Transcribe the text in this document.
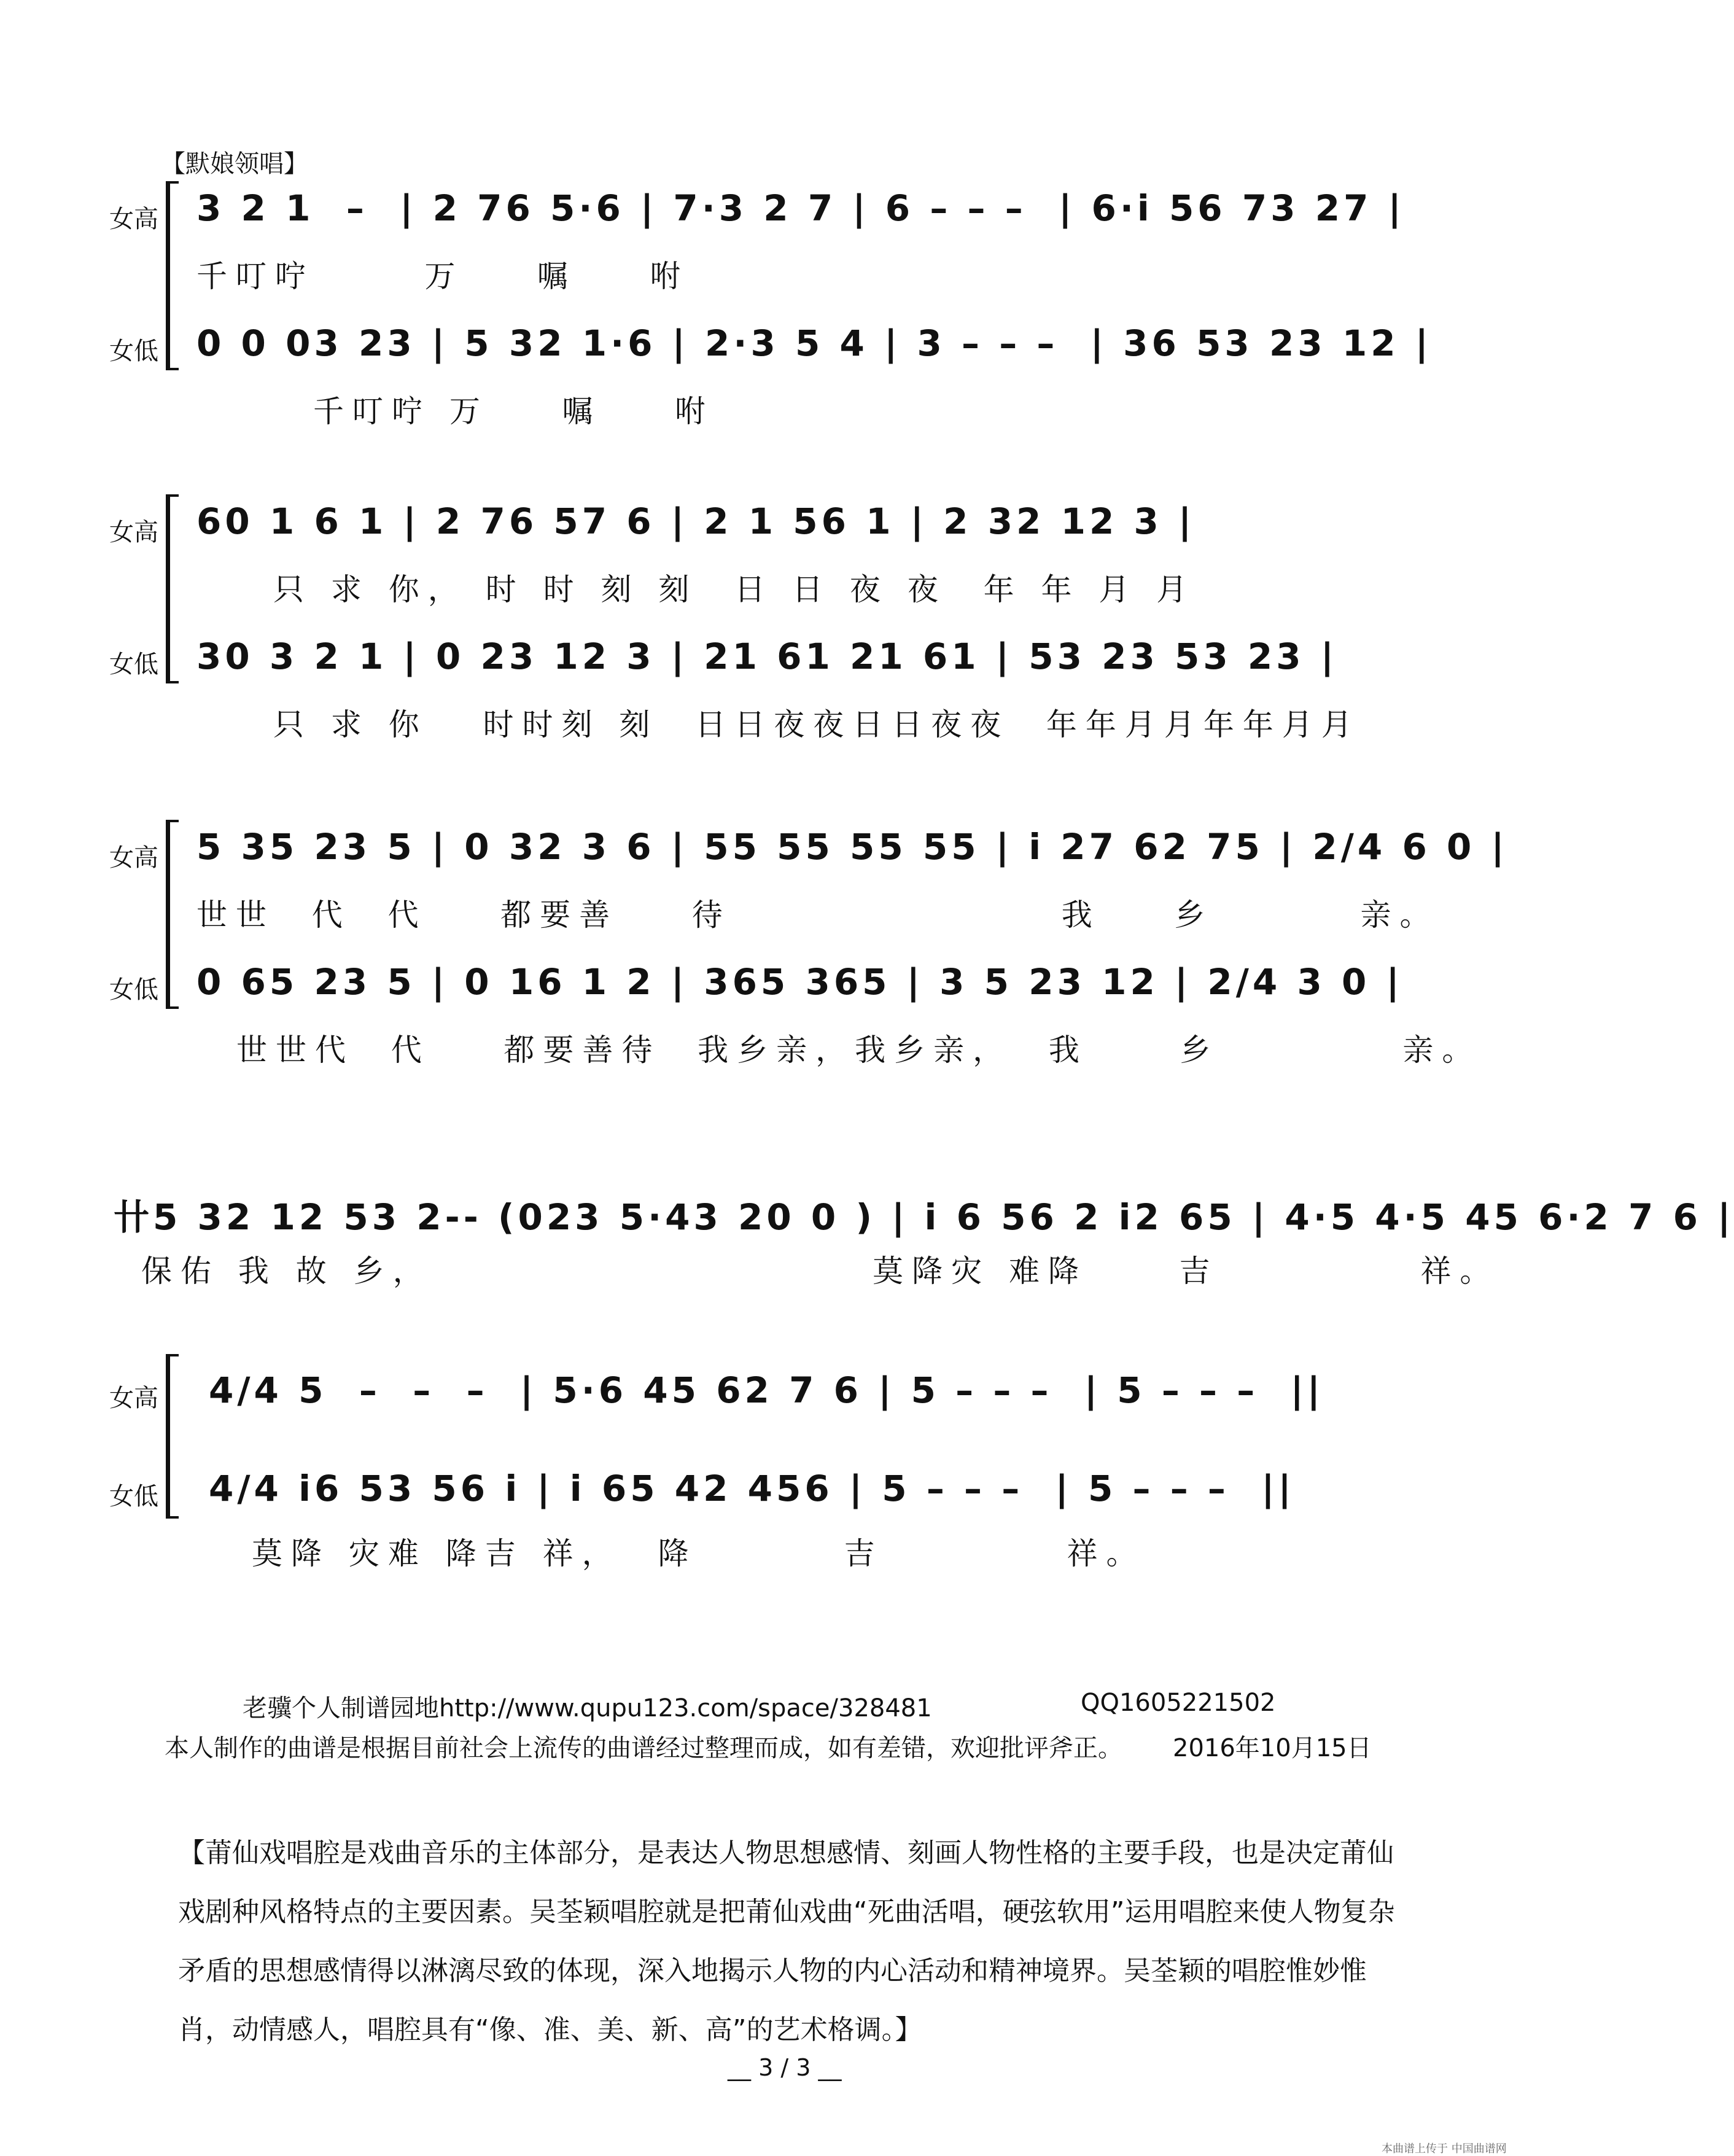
【默娘领唱】
女高
女低
3 2 1  –  | 2 76 5·6 | 7·3 2 7 | 6 – – –  | 6·i 56 73 27 |
千叮咛      万    嘱    咐
0 0 03 23 | 5 32 1·6 | 2·3 5 4 | 3 – – –  | 36 53 23 12 |
千叮咛 万    嘱    咐
女高
女低
60 1 6 1 | 2 76 57 6 | 2 1 56 1 | 2 32 12 3 |
只 求 你， 时 时 刻 刻  日 日 夜 夜  年 年 月 月
30 3 2 1 | 0 23 12 3 | 21 61 21 61 | 53 23 53 23 |
只 求 你   时时刻 刻  日日夜夜日日夜夜  年年月月年年月月
女高
女低
5 35 23 5 | 0 32 3 6 | 55 55 55 55 | i 27 62 75 | 2/4 6 0 |
世世  代  代    都要善    待                  我    乡        亲。
0 65 23 5 | 0 16 1 2 | 365 365 | 3 5 23 12 | 2/4 3 0 |
世世代  代    都要善待  我乡亲，我乡亲，  我     乡          亲。
卄5 32 12 53 2-- (023 5·43 20 0 ) | i 6 56 2 i2 65 | 4·5 4·5 45 6·2 7 6 |
保佑 我 故 乡，                        莫降灾 难降     吉           祥。
女高
女低
4/4 5  –  –  –  | 5·6 45 62 7 6 | 5 – – –  | 5 – – –  ||
4/4 i6 53 56 i | i 65 42 456 | 5 – – –  | 5 – – –  ||
莫降 灾难 降吉 祥，  降        吉          祥。
老骥个人制谱园地http://www.qupu123.com/space/328481	QQ1605221502
本人制作的曲谱是根据目前社会上流传的曲谱经过整理而成，如有差错，欢迎批评斧正。 2016年10月15日
【莆仙戏唱腔是戏曲音乐的主体部分，是表达人物思想感情、刻画人物性格的主要手段，也是决定莆仙戏剧种风格特点的主要因素。吴荃颖唱腔就是把莆仙戏曲“死曲活唱，硬弦软用”运用唱腔来使人物复杂矛盾的思想感情得以淋漓尽致的体现，深入地揭示人物的内心活动和精神境界。吴荃颖的唱腔惟妙惟肖，动情感人，唱腔具有“像、准、美、新、高”的艺术格调。】
__ 3 / 3 __
本曲谱上传于 中国曲谱网
